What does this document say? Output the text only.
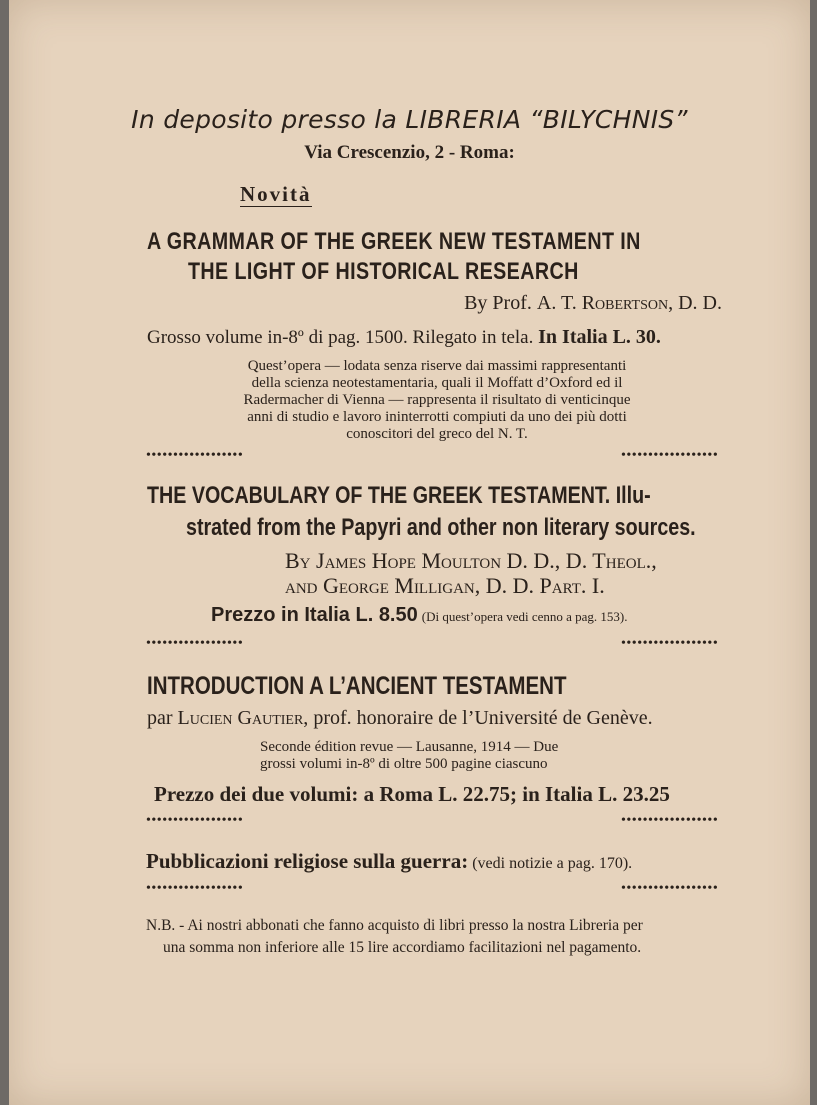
In deposito presso la LIBRERIA “BILYCHNIS”
Via Crescenzio, 2 - Roma:
Novità
A GRAMMAR OF THE GREEK NEW TESTAMENT IN
THE LIGHT OF HISTORICAL RESEARCH
By Prof. A. T. Robertson, D. D.
Grosso volume in-8º di pag. 1500. Rilegato in tela. In Italia L. 30.
Quest’opera — lodata senza riserve dai massimi rappresentanti
della scienza neotestamentaria, quali il Moffatt d’Oxford ed il
Radermacher di Vienna — rappresenta il risultato di venticinque
anni di studio e lavoro ininterrotti compiuti da uno dei più dotti
conoscitori del greco del N. T.
••••••••••••••••••	••••••••••••••••••
THE VOCABULARY OF THE GREEK TESTAMENT. Illu-
strated from the Papyri and other non literary sources.
By James Hope Moulton D. D., D. Theol.,
and George Milligan, D. D. Part. I.
Prezzo in Italia L. 8.50 (Di quest’opera vedi cenno a pag. 153).
••••••••••••••••••	••••••••••••••••••
INTRODUCTION A L’ANCIENT TESTAMENT
par Lucien Gautier, prof. honoraire de l’Université de Genève.
Seconde édition revue — Lausanne, 1914 — Due
grossi volumi in-8º di oltre 500 pagine ciascuno
Prezzo dei due volumi: a Roma L. 22.75; in Italia L. 23.25
••••••••••••••••••	••••••••••••••••••
Pubblicazioni religiose sulla guerra: (vedi notizie a pag. 170).
••••••••••••••••••	••••••••••••••••••
N.B. - Ai nostri abbonati che fanno acquisto di libri presso la nostra Libreria per
una somma non inferiore alle 15 lire accordiamo facilitazioni nel pagamento.
